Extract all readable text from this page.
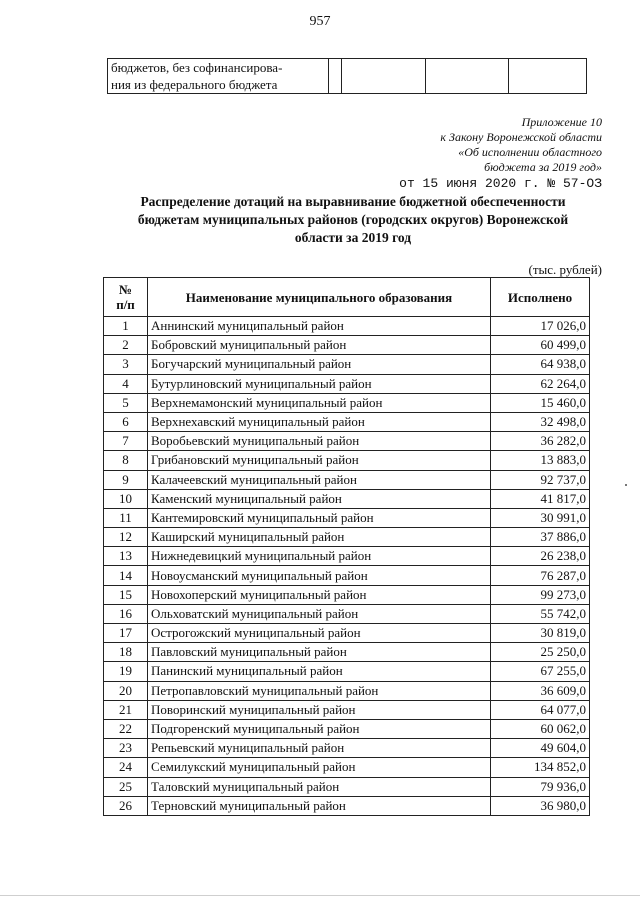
957
бюджетов, без софинансирова-
ния из федерального бюджета

Приложение 10
к Закону Воронежской области
«Об исполнении областного
бюджета за 2019 год»
от 15 июня 2020 г. № 57-ОЗ
Распределение дотаций на выравнивание бюджетной обеспеченности
бюджетам муниципальных районов (городских округов) Воронежской
области за 2019 год
(тыс. рублей)
№
п/п	Наименование муниципального образования	Исполнено
1	Аннинский муниципальный район	17 026,0
2	Бобровский муниципальный район	60 499,0
3	Богучарский муниципальный район	64 938,0
4	Бутурлиновский муниципальный район	62 264,0
5	Верхнемамонский муниципальный район	15 460,0
6	Верхнехавский муниципальный район	32 498,0
7	Воробьевский муниципальный район	36 282,0
8	Грибановский муниципальный район	13 883,0
9	Калачеевский муниципальный район	92 737,0
10	Каменский муниципальный район	41 817,0
11	Кантемировский муниципальный район	30 991,0
12	Каширский муниципальный район	37 886,0
13	Нижнедевицкий муниципальный район	26 238,0
14	Новоусманский муниципальный район	76 287,0
15	Новохоперский муниципальный район	99 273,0
16	Ольховатский муниципальный район	55 742,0
17	Острогожский муниципальный район	30 819,0
18	Павловский муниципальный район	25 250,0
19	Панинский муниципальный район	67 255,0
20	Петропавловский муниципальный район	36 609,0
21	Поворинский муниципальный район	64 077,0
22	Подгоренский муниципальный район	60 062,0
23	Репьевский муниципальный район	49 604,0
24	Семилукский муниципальный район	134 852,0
25	Таловский муниципальный район	79 936,0
26	Терновский муниципальный район	36 980,0
